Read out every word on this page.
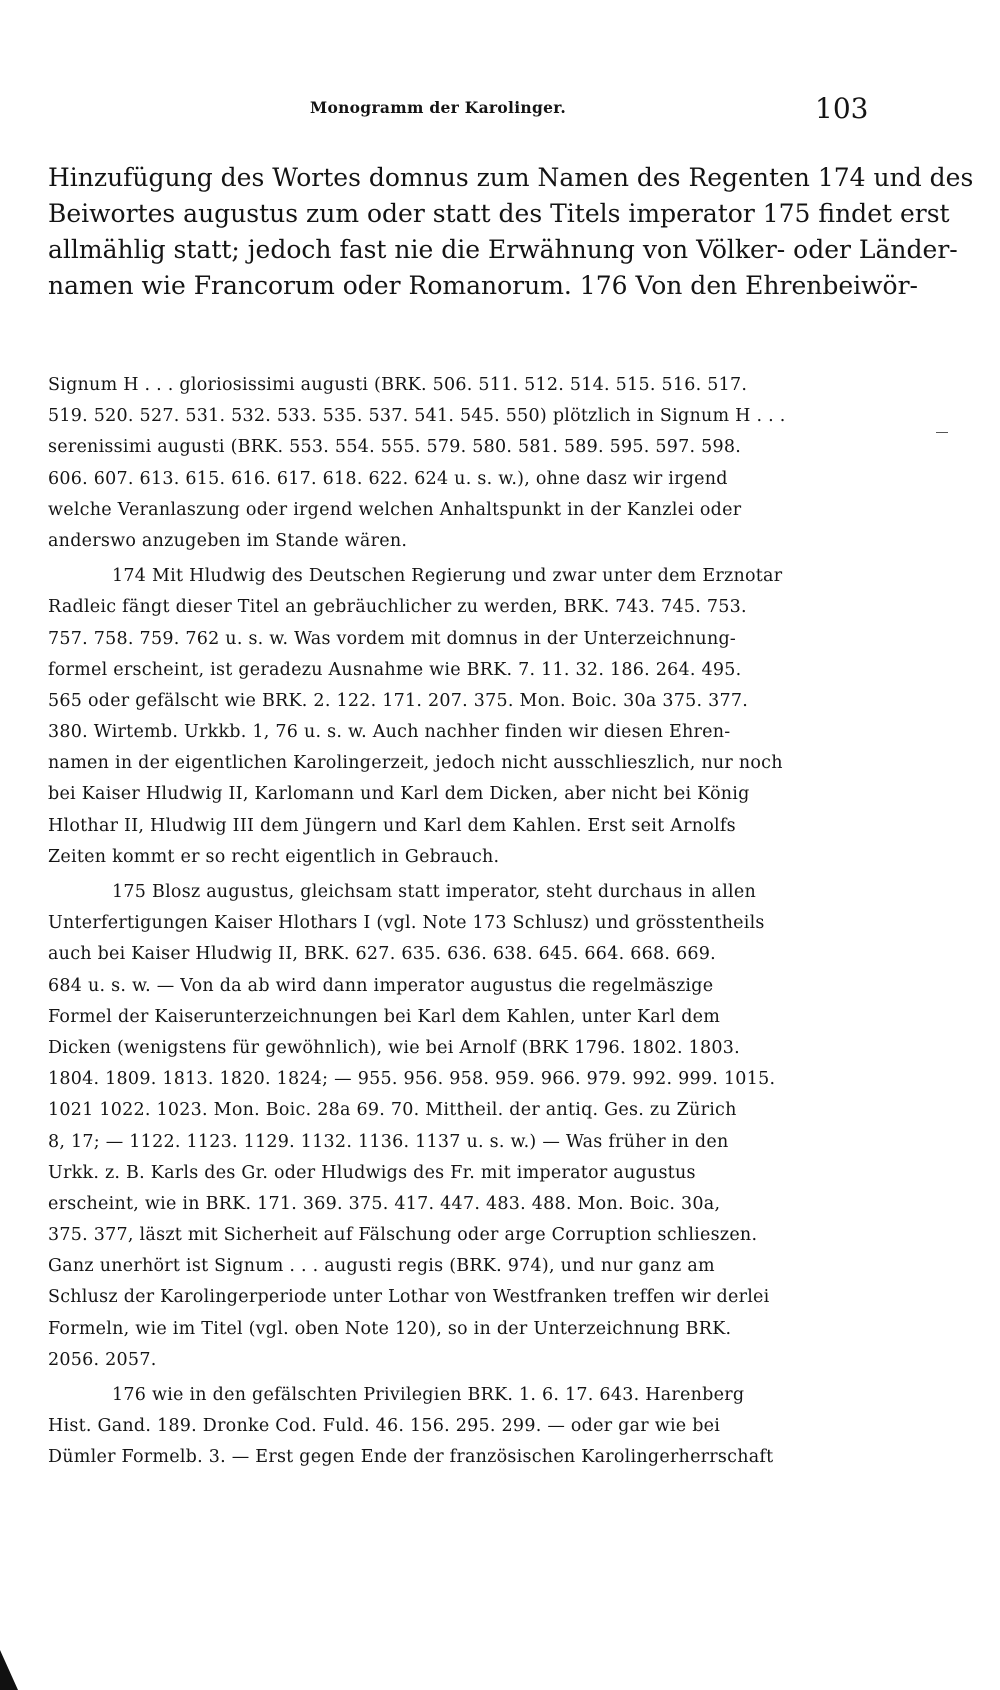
Monogramm der Karolinger.	103
Hinzufügung des Wortes domnus zum Namen des Regenten 174 und des
Beiwortes augustus zum oder statt des Titels imperator 175 findet erst
allmählig statt; jedoch fast nie die Erwähnung von Völker- oder Länder-
namen wie Francorum oder Romanorum. 176 Von den Ehrenbeiwör-
Signum H . . . gloriosissimi augusti (BRK. 506. 511. 512. 514. 515. 516. 517.
519. 520. 527. 531. 532. 533. 535. 537. 541. 545. 550) plötzlich in Signum H . . .
serenissimi augusti (BRK. 553. 554. 555. 579. 580. 581. 589. 595. 597. 598.
606. 607. 613. 615. 616. 617. 618. 622. 624 u. s. w.), ohne dasz wir irgend
welche Veranlaszung oder irgend welchen Anhaltspunkt in der Kanzlei oder
anderswo anzugeben im Stande wären.
174 Mit Hludwig des Deutschen Regierung und zwar unter dem Erznotar
Radleic fängt dieser Titel an gebräuchlicher zu werden, BRK. 743. 745. 753.
757. 758. 759. 762 u. s. w. Was vordem mit domnus in der Unterzeichnung-
formel erscheint, ist geradezu Ausnahme wie BRK. 7. 11. 32. 186. 264. 495.
565 oder gefälscht wie BRK. 2. 122. 171. 207. 375. Mon. Boic. 30a 375. 377.
380. Wirtemb. Urkkb. 1, 76 u. s. w. Auch nachher finden wir diesen Ehren-
namen in der eigentlichen Karolingerzeit, jedoch nicht ausschlieszlich, nur noch
bei Kaiser Hludwig II, Karlomann und Karl dem Dicken, aber nicht bei König
Hlothar II, Hludwig III dem Jüngern und Karl dem Kahlen. Erst seit Arnolfs
Zeiten kommt er so recht eigentlich in Gebrauch.
175 Blosz augustus, gleichsam statt imperator, steht durchaus in allen
Unterfertigungen Kaiser Hlothars I (vgl. Note 173 Schlusz) und grösstentheils
auch bei Kaiser Hludwig II, BRK. 627. 635. 636. 638. 645. 664. 668. 669.
684 u. s. w. — Von da ab wird dann imperator augustus die regelmäszige
Formel der Kaiserunterzeichnungen bei Karl dem Kahlen, unter Karl dem
Dicken (wenigstens für gewöhnlich), wie bei Arnolf (BRK 1796. 1802. 1803.
1804. 1809. 1813. 1820. 1824; — 955. 956. 958. 959. 966. 979. 992. 999. 1015.
1021 1022. 1023. Mon. Boic. 28a 69. 70. Mittheil. der antiq. Ges. zu Zürich
8, 17; — 1122. 1123. 1129. 1132. 1136. 1137 u. s. w.) — Was früher in den
Urkk. z. B. Karls des Gr. oder Hludwigs des Fr. mit imperator augustus
erscheint, wie in BRK. 171. 369. 375. 417. 447. 483. 488. Mon. Boic. 30a,
375. 377, läszt mit Sicherheit auf Fälschung oder arge Corruption schlieszen.
Ganz unerhört ist Signum . . . augusti regis (BRK. 974), und nur ganz am
Schlusz der Karolingerperiode unter Lothar von Westfranken treffen wir derlei
Formeln, wie im Titel (vgl. oben Note 120), so in der Unterzeichnung BRK.
2056. 2057.
176 wie in den gefälschten Privilegien BRK. 1. 6. 17. 643. Harenberg
Hist. Gand. 189. Dronke Cod. Fuld. 46. 156. 295. 299. — oder gar wie bei
Dümler Formelb. 3. — Erst gegen Ende der französischen Karolingerherrschaft
